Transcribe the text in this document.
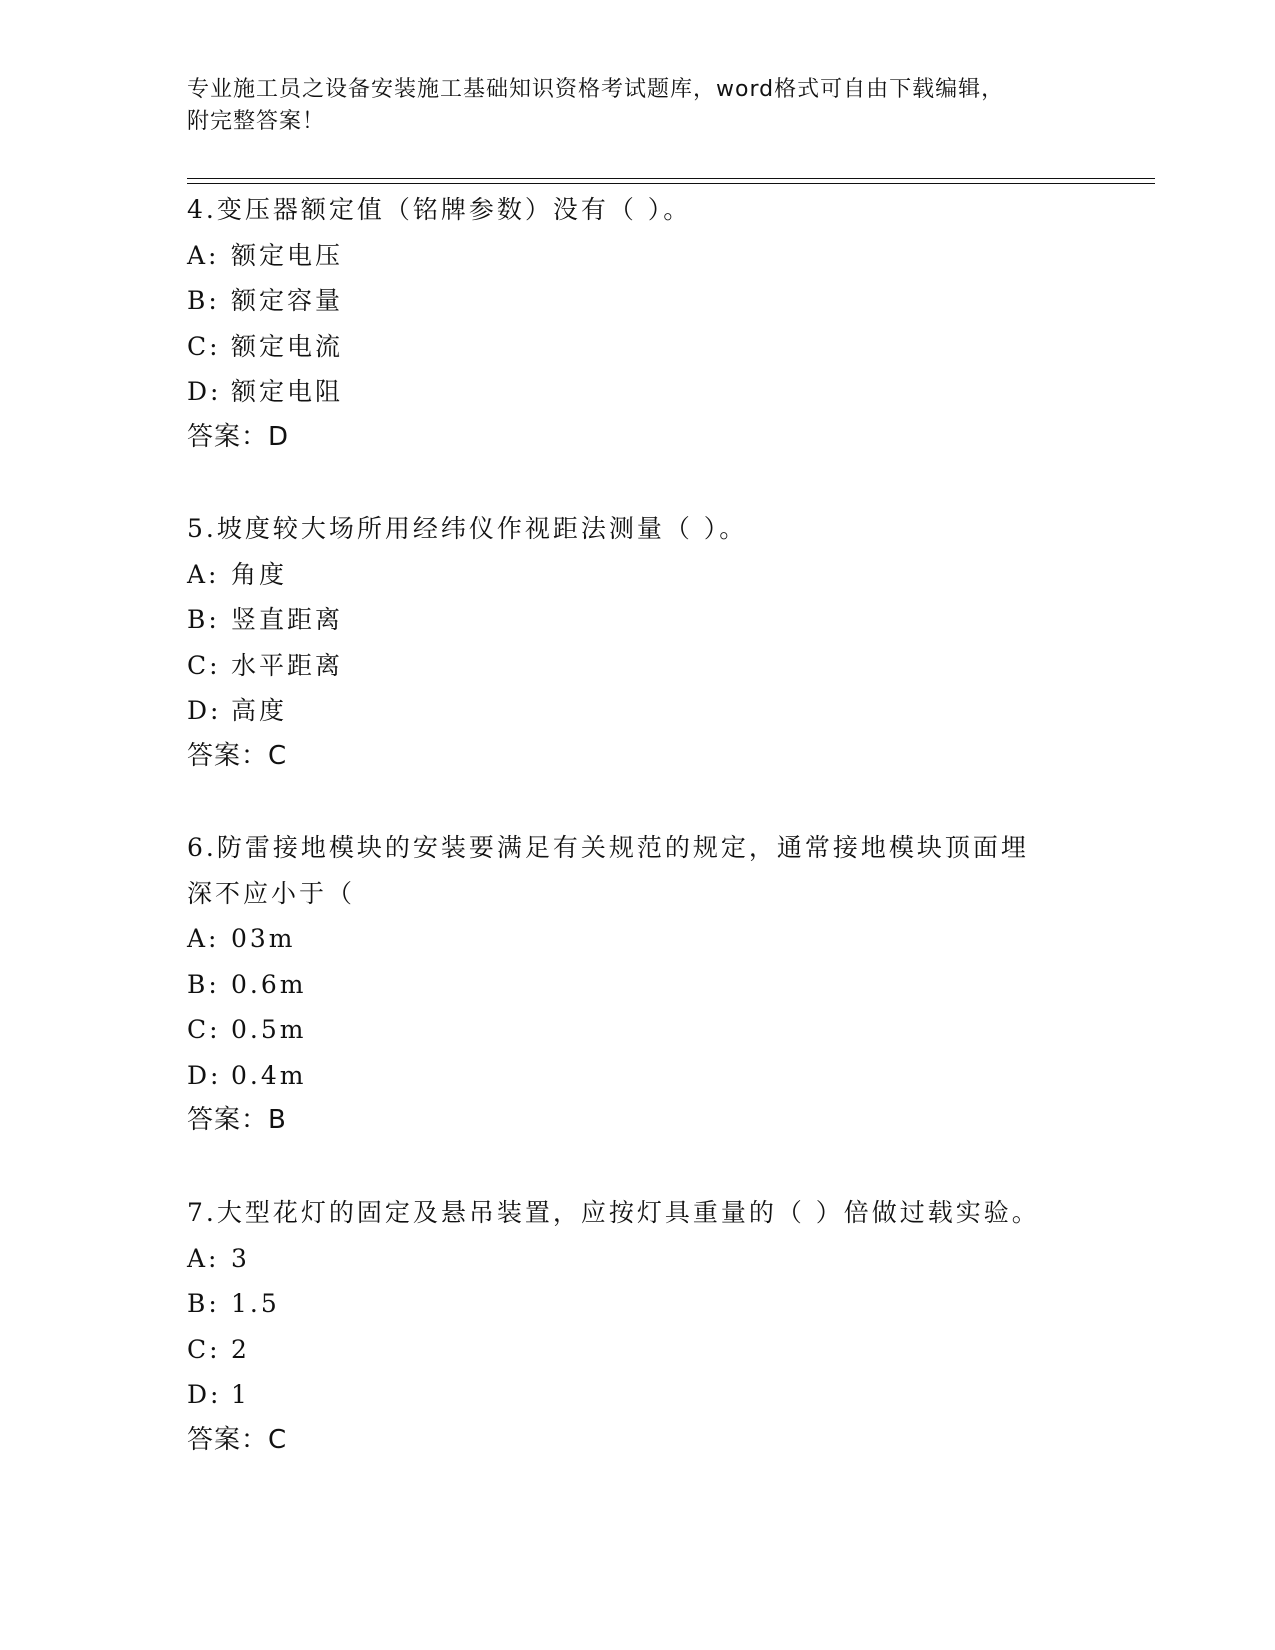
专业施工员之设备安装施工基础知识资格考试题库，word格式可自由下载编辑，
附完整答案！
4.变压器额定值（铭牌参数）没有（ ）。
A: 额定电压
B: 额定容量
C: 额定电流
D: 额定电阻
答案：D
5.坡度较大场所用经纬仪作视距法测量（ ）。
A: 角度
B: 竖直距离
C: 水平距离
D: 高度
答案：C
6.防雷接地模块的安装要满足有关规范的规定，通常接地模块顶面埋
深不应小于（
A: 03m
B: 0.6m
C: 0.5m
D: 0.4m
答案：B
7.大型花灯的固定及悬吊装置，应按灯具重量的（ ）倍做过载实验。
A: 3
B: 1.5
C: 2
D: 1
答案：C
